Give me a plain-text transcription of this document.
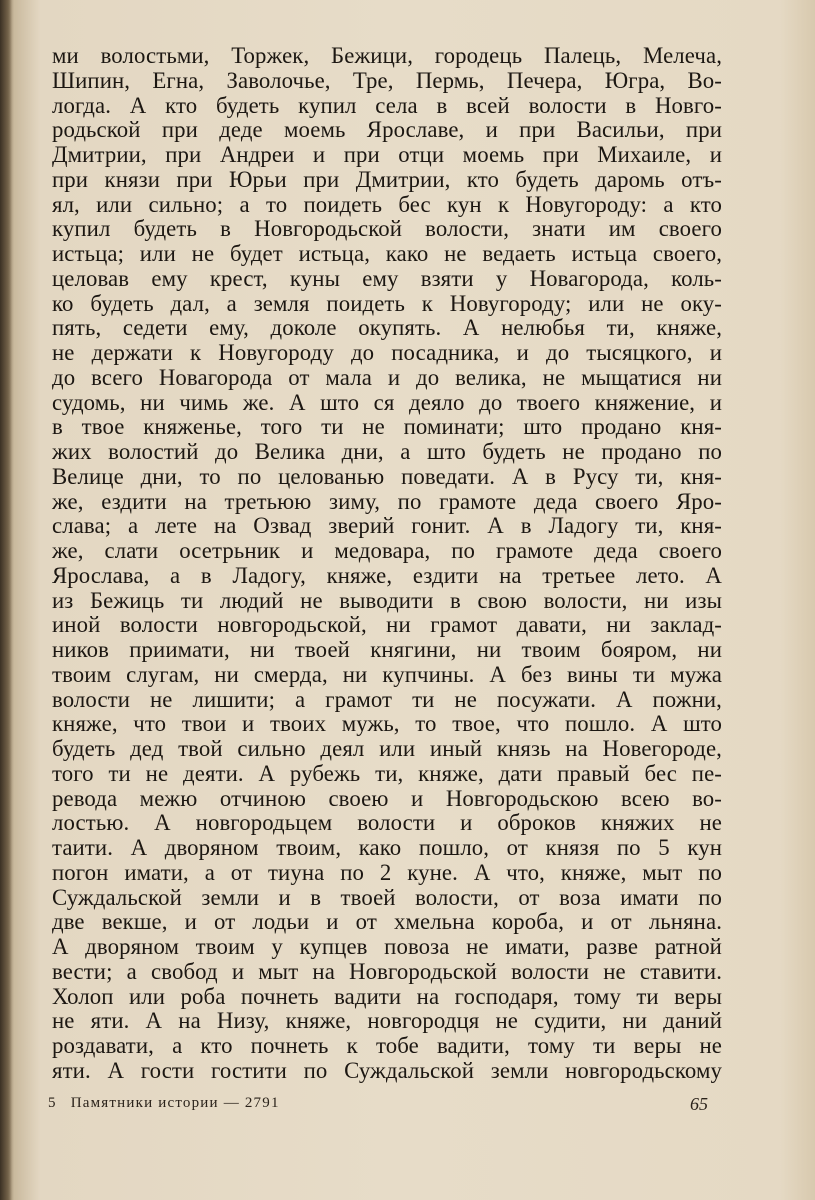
ми волостьми, Торжек, Бежици, городець Палець, Мелеча,
Шипин, Егна, Заволочье, Тре, Пермь, Печера, Югра, Во-
логда. А кто будеть купил села в всей волости в Новго-
родьской при деде моемь Ярославе, и при Васильи, при
Дмитрии, при Андреи и при отци моемь при Михаиле, и
при князи при Юрьи при Дмитрии, кто будеть даромь отъ-
ял, или сильно; а то поидеть бес кун к Новугороду: а кто
купил будеть в Новгородьской волости, знати им своего
истьца; или не будет истьца, како не ведаеть истьца своего,
целовав ему крест, куны ему взяти у Новагорода, коль-
ко будеть дал, а земля поидеть к Новугороду; или не оку-
пять, седети ему, доколе окупять. А нелюбья ти, княже,
не держати к Новугороду до посадника, и до тысяцкого, и
до всего Новагорода от мала и до велика, не мыщатися ни
судомь, ни чимь же. А што ся деяло до твоего княжение, и
в твое княженье, того ти не поминати; што продано кня-
жих волостий до Велика дни, а што будеть не продано по
Велице дни, то по целованью поведати. А в Русу ти, кня-
же, ездити на третьюю зиму, по грамоте деда своего Яро-
слава; а лете на Озвад зверий гонит. А в Ладогу ти, кня-
же, слати осетрьник и медовара, по грамоте деда своего
Ярослава, а в Ладогу, княже, ездити на третьее лето. А
из Бежиць ти людий не выводити в свою волости, ни изы
иной волости новгородьской, ни грамот давати, ни заклад-
ников приимати, ни твоей княгини, ни твоим бояром, ни
твоим слугам, ни смерда, ни купчины. А без вины ти мужа
волости не лишити; а грамот ти не посужати. А пожни,
княже, что твои и твоих мужь, то твое, что пошло. А што
будеть дед твой сильно деял или иный князь на Новегороде,
того ти не деяти. А рубежь ти, княже, дати правый бес пе-
ревода межю отчиною своею и Новгородьскою всею во-
лостью. А новгородьцем волости и оброков княжих не
таити. А дворяном твоим, како пошло, от князя по 5 кун
погон имати, а от тиуна по 2 куне. А что, княже, мыт по
Суждальской земли и в твоей волости, от воза имати по
две векше, и от лодьи и от хмельна короба, и от льняна.
А дворяном твоим у купцев повоза не имати, разве ратной
вести; а свобод и мыт на Новгородьской волости не ставити.
Холоп или роба почнеть вадити на господаря, тому ти веры
не яти. А на Низу, княже, новгородця не судити, ни даний
роздавати, а кто почнеть к тобе вадити, тому ти веры не
яти. А гости гостити по Суждальской земли новгородьскому
5 Памятники истории — 2791	65
